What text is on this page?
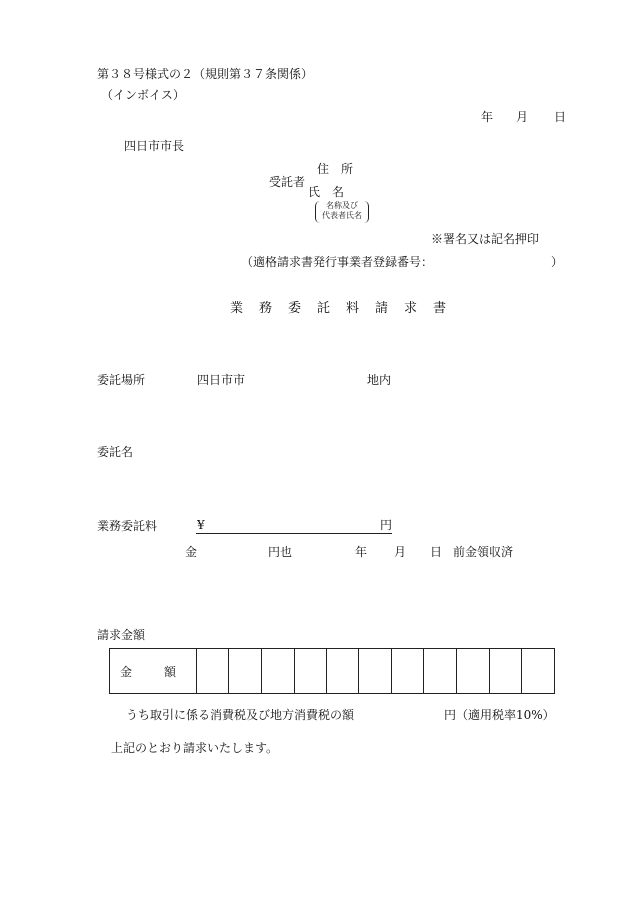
第３８号様式の２（規則第３７条関係）
（インボイス）
年 月 日
四日市市長
住　所
受託者
氏　名
名称及び
代表者氏名
※署名又は記名押印
（適格請求書発行事業者登録番号：	）
業務委託料請求書
委託場所	四日市市	地内
委託名
業務委託料	¥	円
金	円也	年 月 日 前金領収済
請求金額
金　額											
うち取引に係る消費税及び地方消費税の額	円（適用税率10%）
上記のとおり請求いたします。
